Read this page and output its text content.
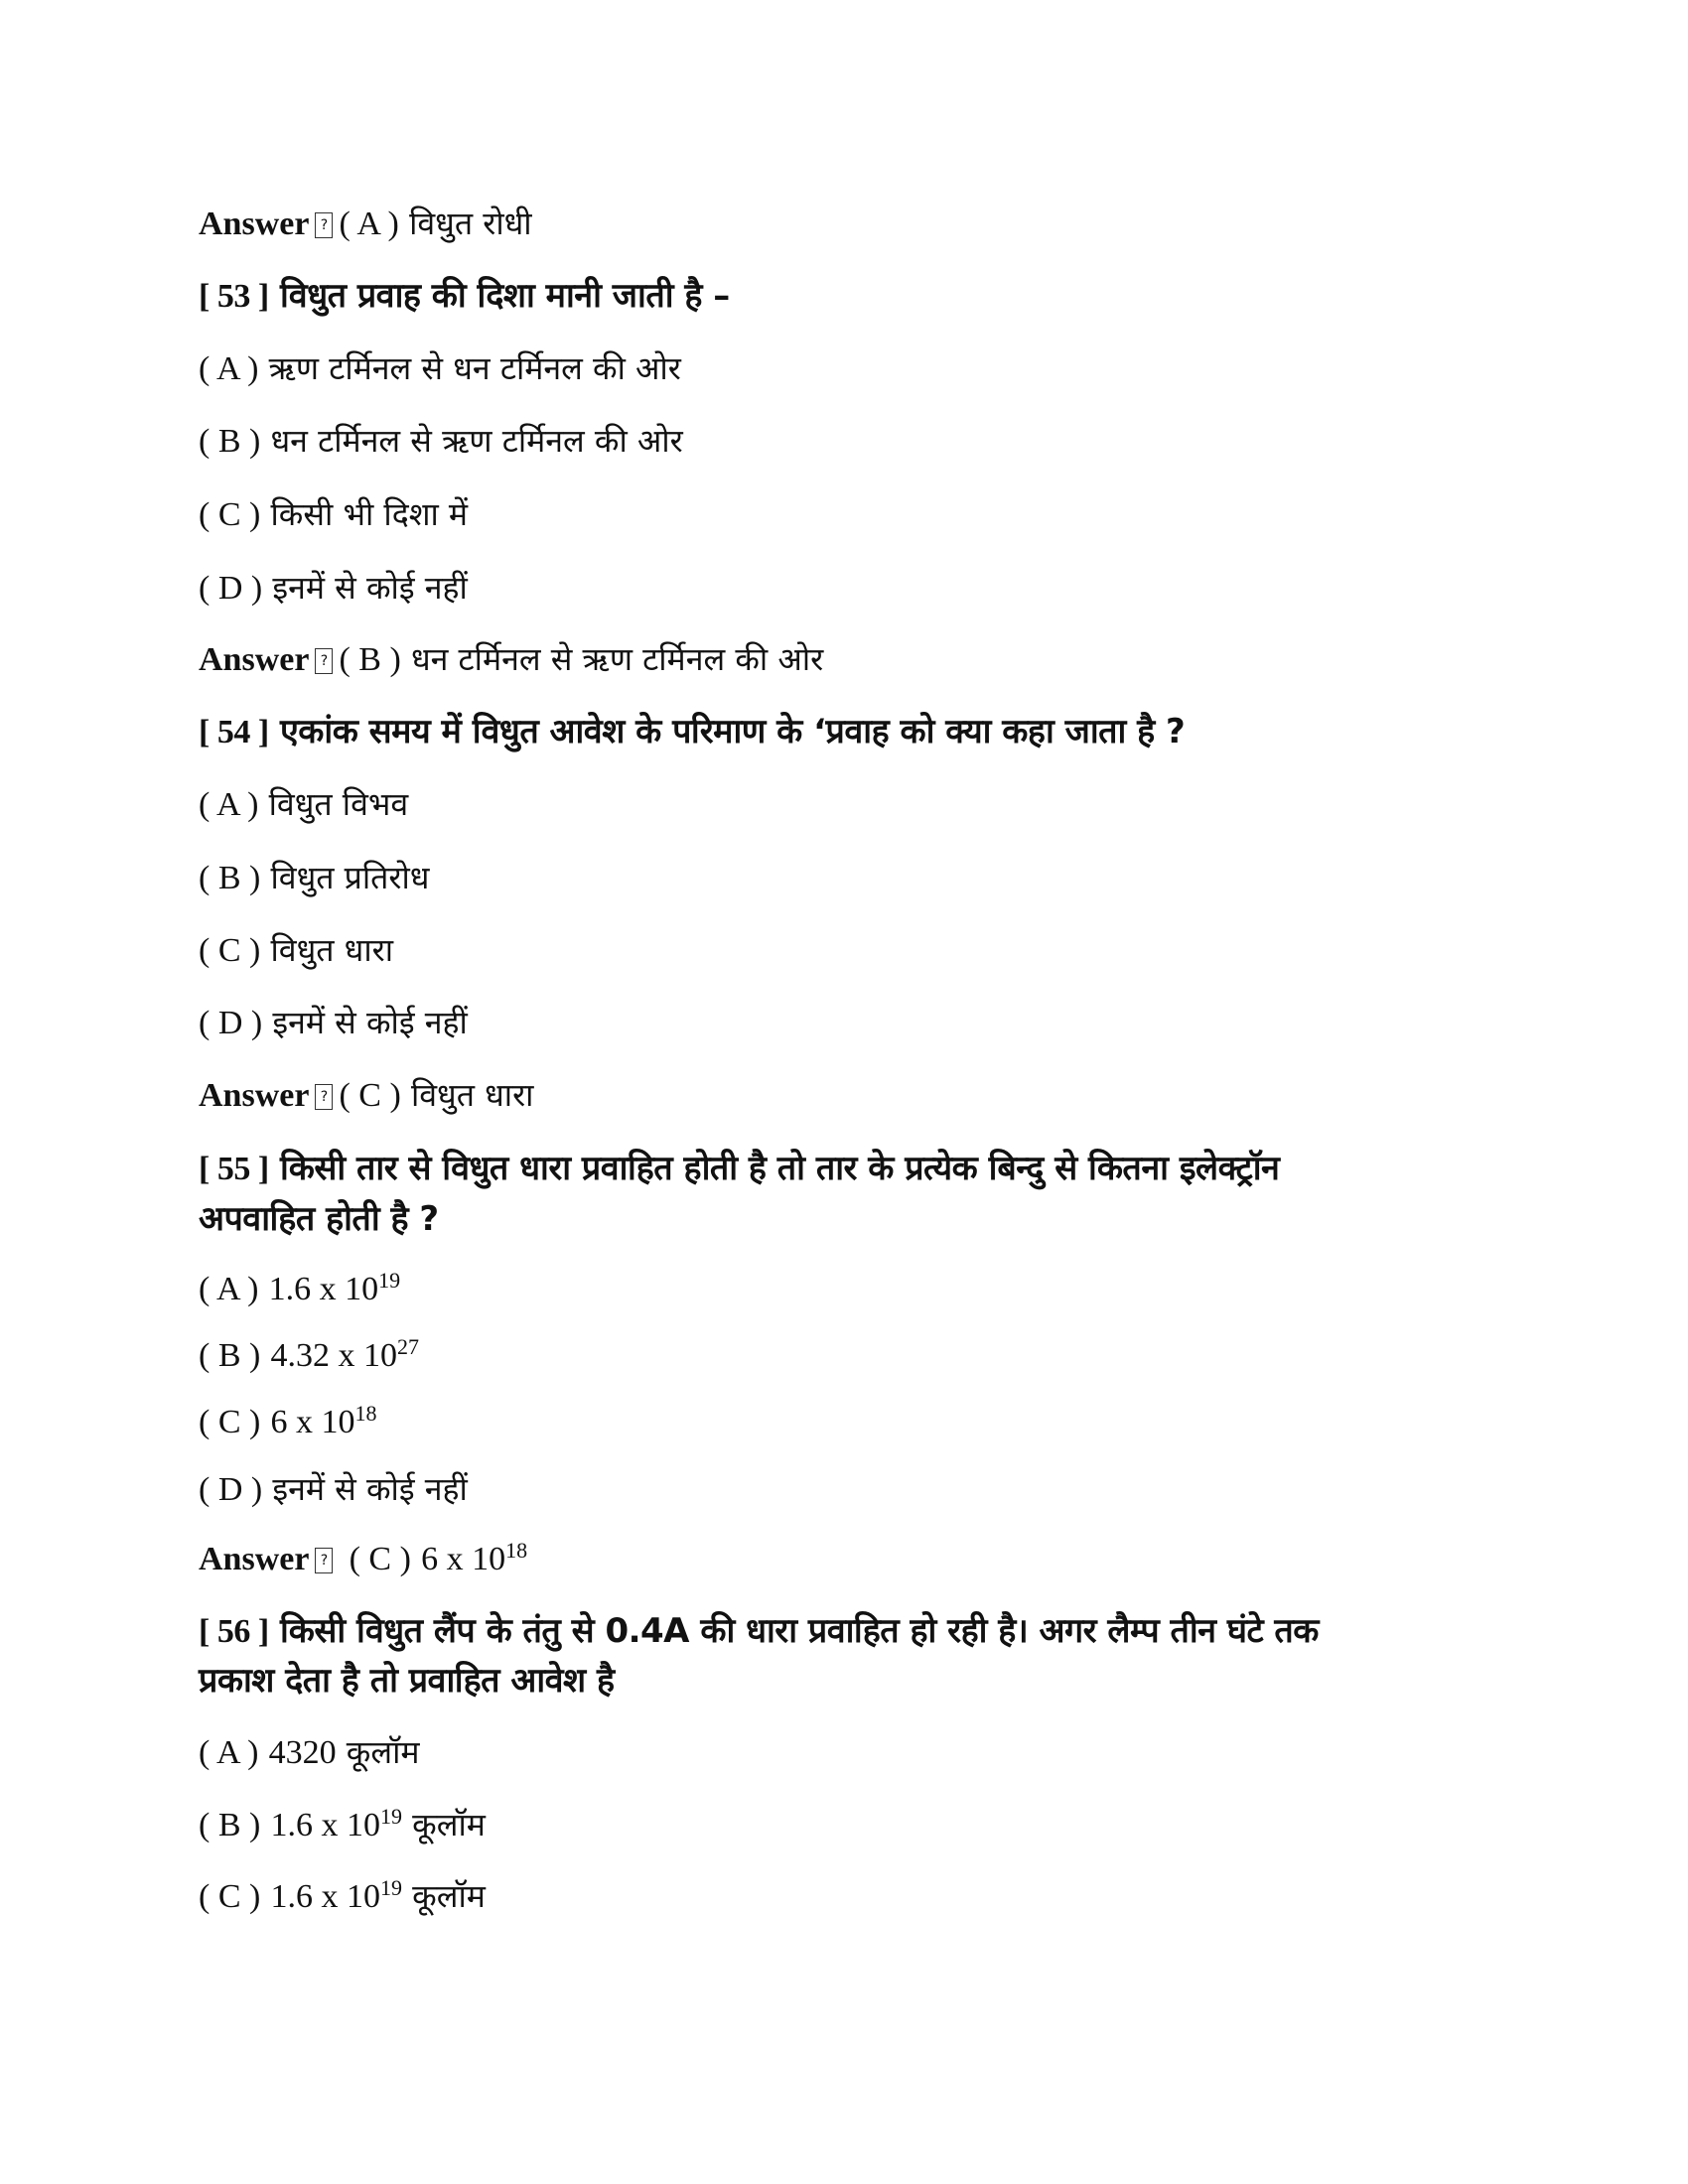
Answer ? ( A ) विधुत रोधी
[ 53 ] विधुत प्रवाह की दिशा मानी जाती है –
( A ) ऋण टर्मिनल से धन टर्मिनल की ओर
( B ) धन टर्मिनल से ऋण टर्मिनल की ओर
( C ) किसी भी दिशा में
( D ) इनमें से कोई नहीं
Answer ? ( B ) धन टर्मिनल से ऋण टर्मिनल की ओर
[ 54 ] एकांक समय में विधुत आवेश के परिमाण के ‘प्रवाह को क्या कहा जाता है ?
( A ) विधुत विभव
( B ) विधुत प्रतिरोध
( C ) विधुत धारा
( D ) इनमें से कोई नहीं
Answer ? ( C ) विधुत धारा
[ 55 ] किसी तार से विधुत धारा प्रवाहित होती है तो तार के प्रत्येक बिन्दु से कितना इलेक्ट्रॉन
अपवाहित होती है ?
( A ) 1.6 x $10^{19}$
( B ) 4.32 x $10^{27}$
( C ) 6 x $10^{18}$
( D ) इनमें से कोई नहीं
Answer ? ( C ) 6 x $10^{18}$
[ 56 ] किसी विधुत लैंप के तंतु से 0.4A की धारा प्रवाहित हो रही है। अगर लैम्प तीन घंटे तक
प्रकाश देता है तो प्रवाहित आवेश है
( A ) 4320 कूलॉम
( B ) 1.6 x $10^{19}$ कूलॉम
( C ) 1.6 x $10^{19}$ कूलॉम
